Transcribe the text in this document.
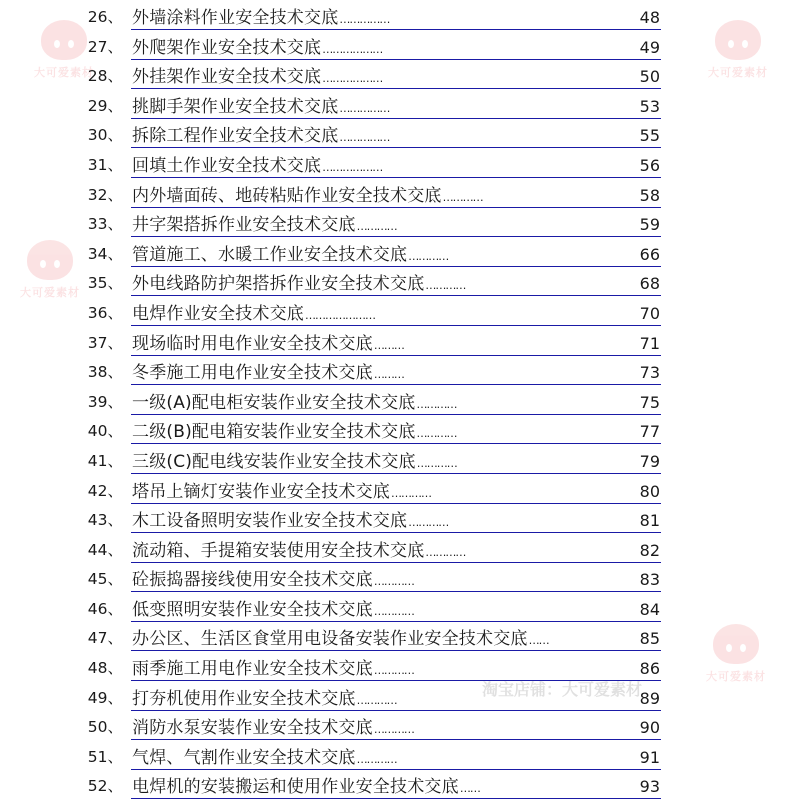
大可爱素材	大可爱素材
大可爱素材
大可爱素材
淘宝店铺：大可爱素材
26、 外墙涂料作业安全技术交底……………	48
27、 外爬架作业安全技术交底………………	49
28、 外挂架作业安全技术交底………………	50
29、 挑脚手架作业安全技术交底……………	53
30、 拆除工程作业安全技术交底……………	55
31、 回填土作业安全技术交底………………	56
32、 内外墙面砖、地砖粘贴作业安全技术交底…………	58
33、 井字架搭拆作业安全技术交底…………	59
34、 管道施工、水暖工作业安全技术交底…………	66
35、 外电线路防护架搭拆作业安全技术交底…………	68
36、 电焊作业安全技术交底…………………	70
37、 现场临时用电作业安全技术交底………	71
38、 冬季施工用电作业安全技术交底………	73
39、 一级(A)配电柜安装作业安全技术交底…………	75
40、 二级(B)配电箱安装作业安全技术交底…………	77
41、 三级(C)配电线安装作业安全技术交底…………	79
42、 塔吊上镝灯安装作业安全技术交底…………	80
43、 木工设备照明安装作业安全技术交底…………	81
44、 流动箱、手提箱安装使用安全技术交底…………	82
45、 砼振捣器接线使用安全技术交底…………	83
46、 低变照明安装作业安全技术交底…………	84
47、 办公区、生活区食堂用电设备安装作业安全技术交底……	85
48、 雨季施工用电作业安全技术交底…………	86
49、 打夯机使用作业安全技术交底…………	89
50、 消防水泵安装作业安全技术交底…………	90
51、 气焊、气割作业安全技术交底…………	91
52、 电焊机的安装搬运和使用作业安全技术交底……	93
